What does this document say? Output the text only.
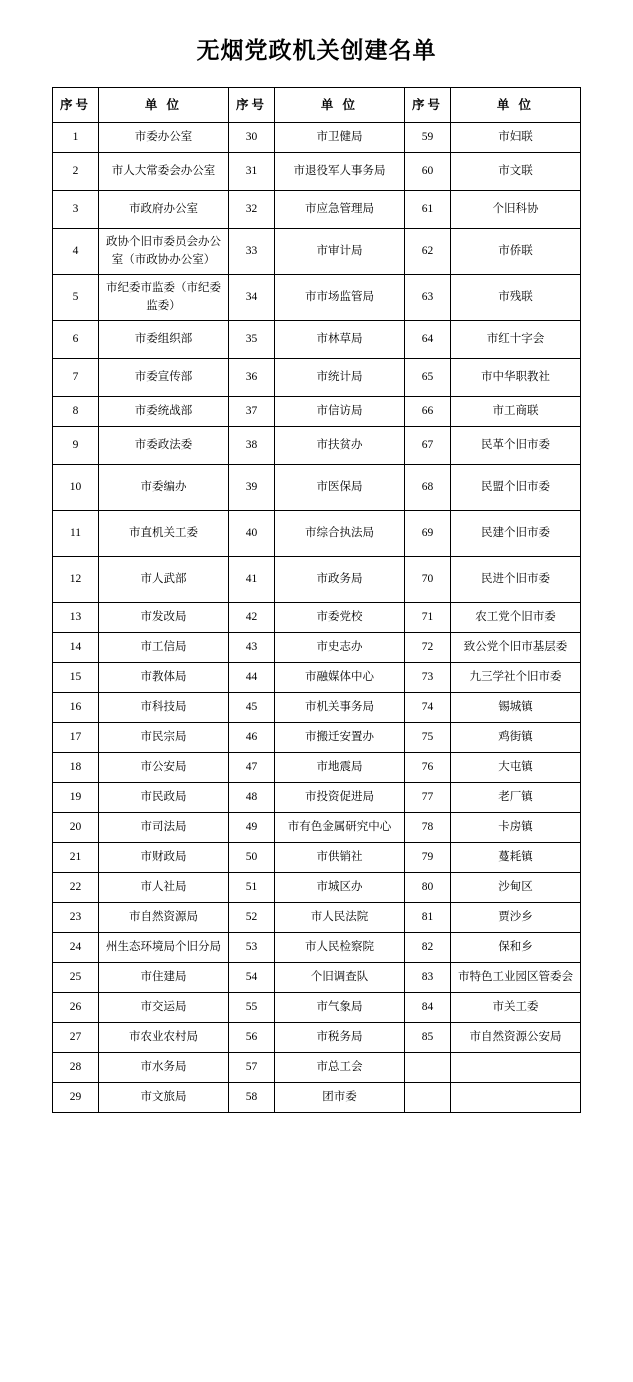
无烟党政机关创建名单
序号	单 位	序号	单 位	序号	单 位
1	市委办公室	30	市卫健局	59	市妇联
2	市人大常委会办公室	31	市退役军人事务局	60	市文联
3	市政府办公室	32	市应急管理局	61	个旧科协
4	政协个旧市委员会办公室（市政协办公室）	33	市审计局	62	市侨联
5	市纪委市监委（市纪委监委）	34	市市场监管局	63	市残联
6	市委组织部	35	市林草局	64	市红十字会
7	市委宣传部	36	市统计局	65	市中华职教社
8	市委统战部	37	市信访局	66	市工商联
9	市委政法委	38	市扶贫办	67	民革个旧市委
10	市委编办	39	市医保局	68	民盟个旧市委
11	市直机关工委	40	市综合执法局	69	民建个旧市委
12	市人武部	41	市政务局	70	民进个旧市委
13	市发改局	42	市委党校	71	农工党个旧市委
14	市工信局	43	市史志办	72	致公党个旧市基层委
15	市教体局	44	市融媒体中心	73	九三学社个旧市委
16	市科技局	45	市机关事务局	74	锡城镇
17	市民宗局	46	市搬迁安置办	75	鸡街镇
18	市公安局	47	市地震局	76	大屯镇
19	市民政局	48	市投资促进局	77	老厂镇
20	市司法局	49	市有色金属研究中心	78	卡房镇
21	市财政局	50	市供销社	79	蔓耗镇
22	市人社局	51	市城区办	80	沙甸区
23	市自然资源局	52	市人民法院	81	贾沙乡
24	州生态环境局个旧分局	53	市人民检察院	82	保和乡
25	市住建局	54	个旧调查队	83	市特色工业园区管委会
26	市交运局	55	市气象局	84	市关工委
27	市农业农村局	56	市税务局	85	市自然资源公安局
28	市水务局	57	市总工会		
29	市文旅局	58	团市委		
